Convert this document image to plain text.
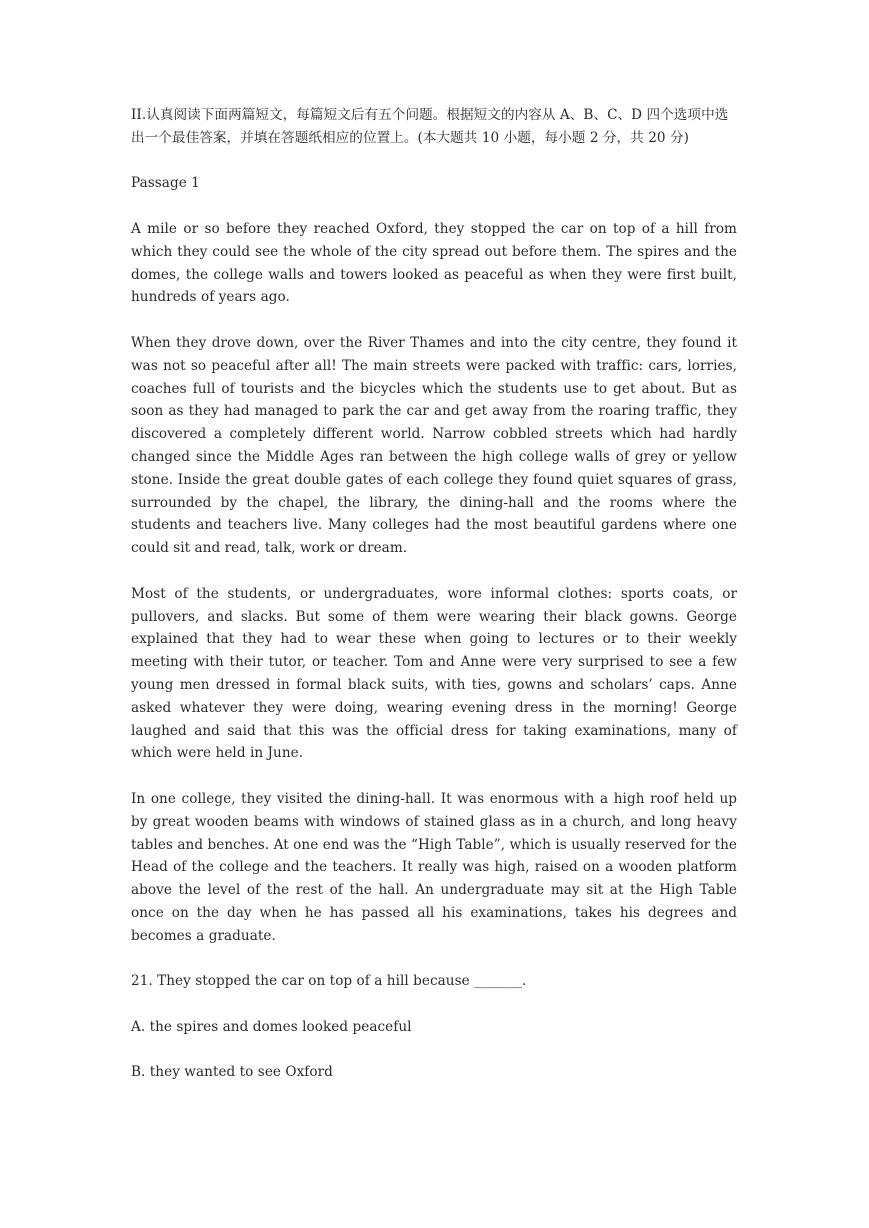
II.认真阅读下面两篇短文，每篇短文后有五个问题。根据短文的内容从 A、B、C、D 四个选项中选出一个最佳答案，并填在答题纸相应的位置上。(本大题共 10 小题，每小题 2 分，共 20 分)

Passage 1

A mile or so before they reached Oxford, they stopped the car on top of a hill from which they could see the whole of the city spread out before them. The spires and the domes, the college walls and towers looked as peaceful as when they were first built, hundreds of years ago.

When they drove down, over the River Thames and into the city centre, they found it was not so peaceful after all! The main streets were packed with traffic: cars, lorries, coaches full of tourists and the bicycles which the students use to get about. But as soon as they had managed to park the car and get away from the roaring traffic, they discovered a completely different world. Narrow cobbled streets which had hardly changed since the Middle Ages ran between the high college walls of grey or yellow stone. Inside the great double gates of each college they found quiet squares of grass, surrounded by the chapel, the library, the dining-hall and the rooms where the students and teachers live. Many colleges had the most beautiful gardens where one could sit and read, talk, work or dream.

Most of the students, or undergraduates, wore informal clothes: sports coats, or pullovers, and slacks. But some of them were wearing their black gowns. George explained that they had to wear these when going to lectures or to their weekly meeting with their tutor, or teacher. Tom and Anne were very surprised to see a few young men dressed in formal black suits, with ties, gowns and scholars’ caps. Anne asked whatever they were doing, wearing evening dress in the morning! George laughed and said that this was the official dress for taking examinations, many of which were held in June.

In one college, they visited the dining-hall. It was enormous with a high roof held up by great wooden beams with windows of stained glass as in a church, and long heavy tables and benches. At one end was the “High Table”, which is usually reserved for the Head of the college and the teachers. It really was high, raised on a wooden platform above the level of the rest of the hall. An undergraduate may sit at the High Table once on the day when he has passed all his examinations, takes his degrees and becomes a graduate.

21. They stopped the car on top of a hill because _______.

A. the spires and domes looked peaceful

B. they wanted to see Oxford
